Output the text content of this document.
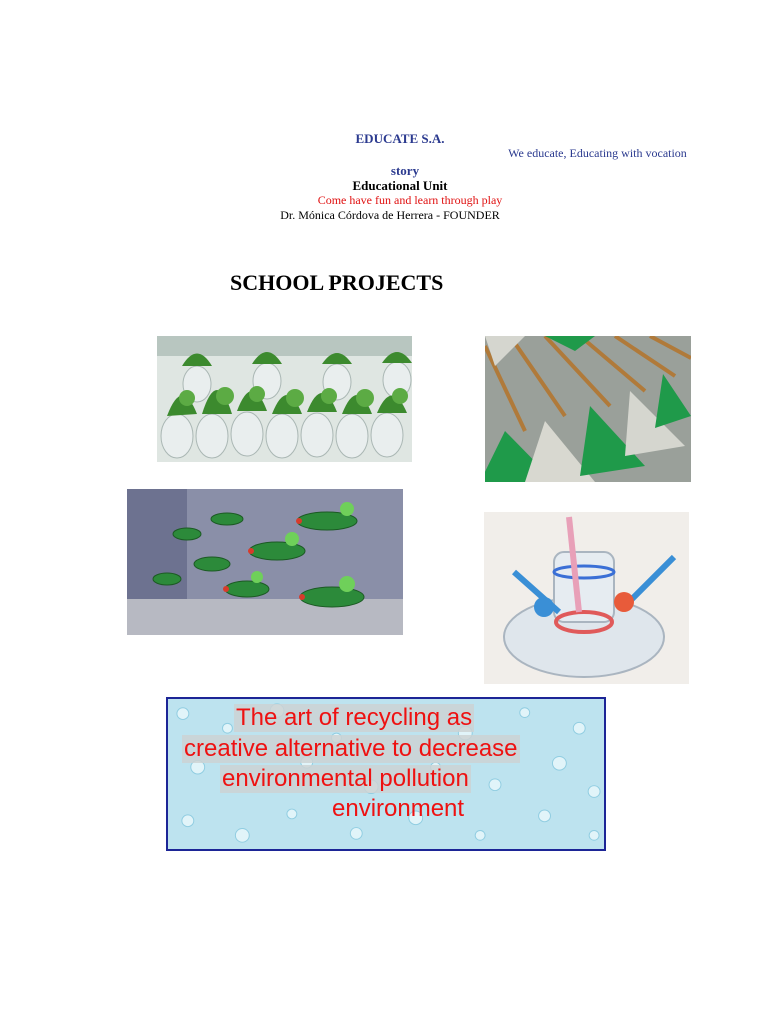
EDUCATE S.A.
We educate, Educating with vocation
story
Educational Unit
Come have fun and learn through play
Dr. Mónica Córdova de Herrera - FOUNDER
SCHOOL PROJECTS
The art of recycling as
creative alternative to decrease
environmental pollution
environment
